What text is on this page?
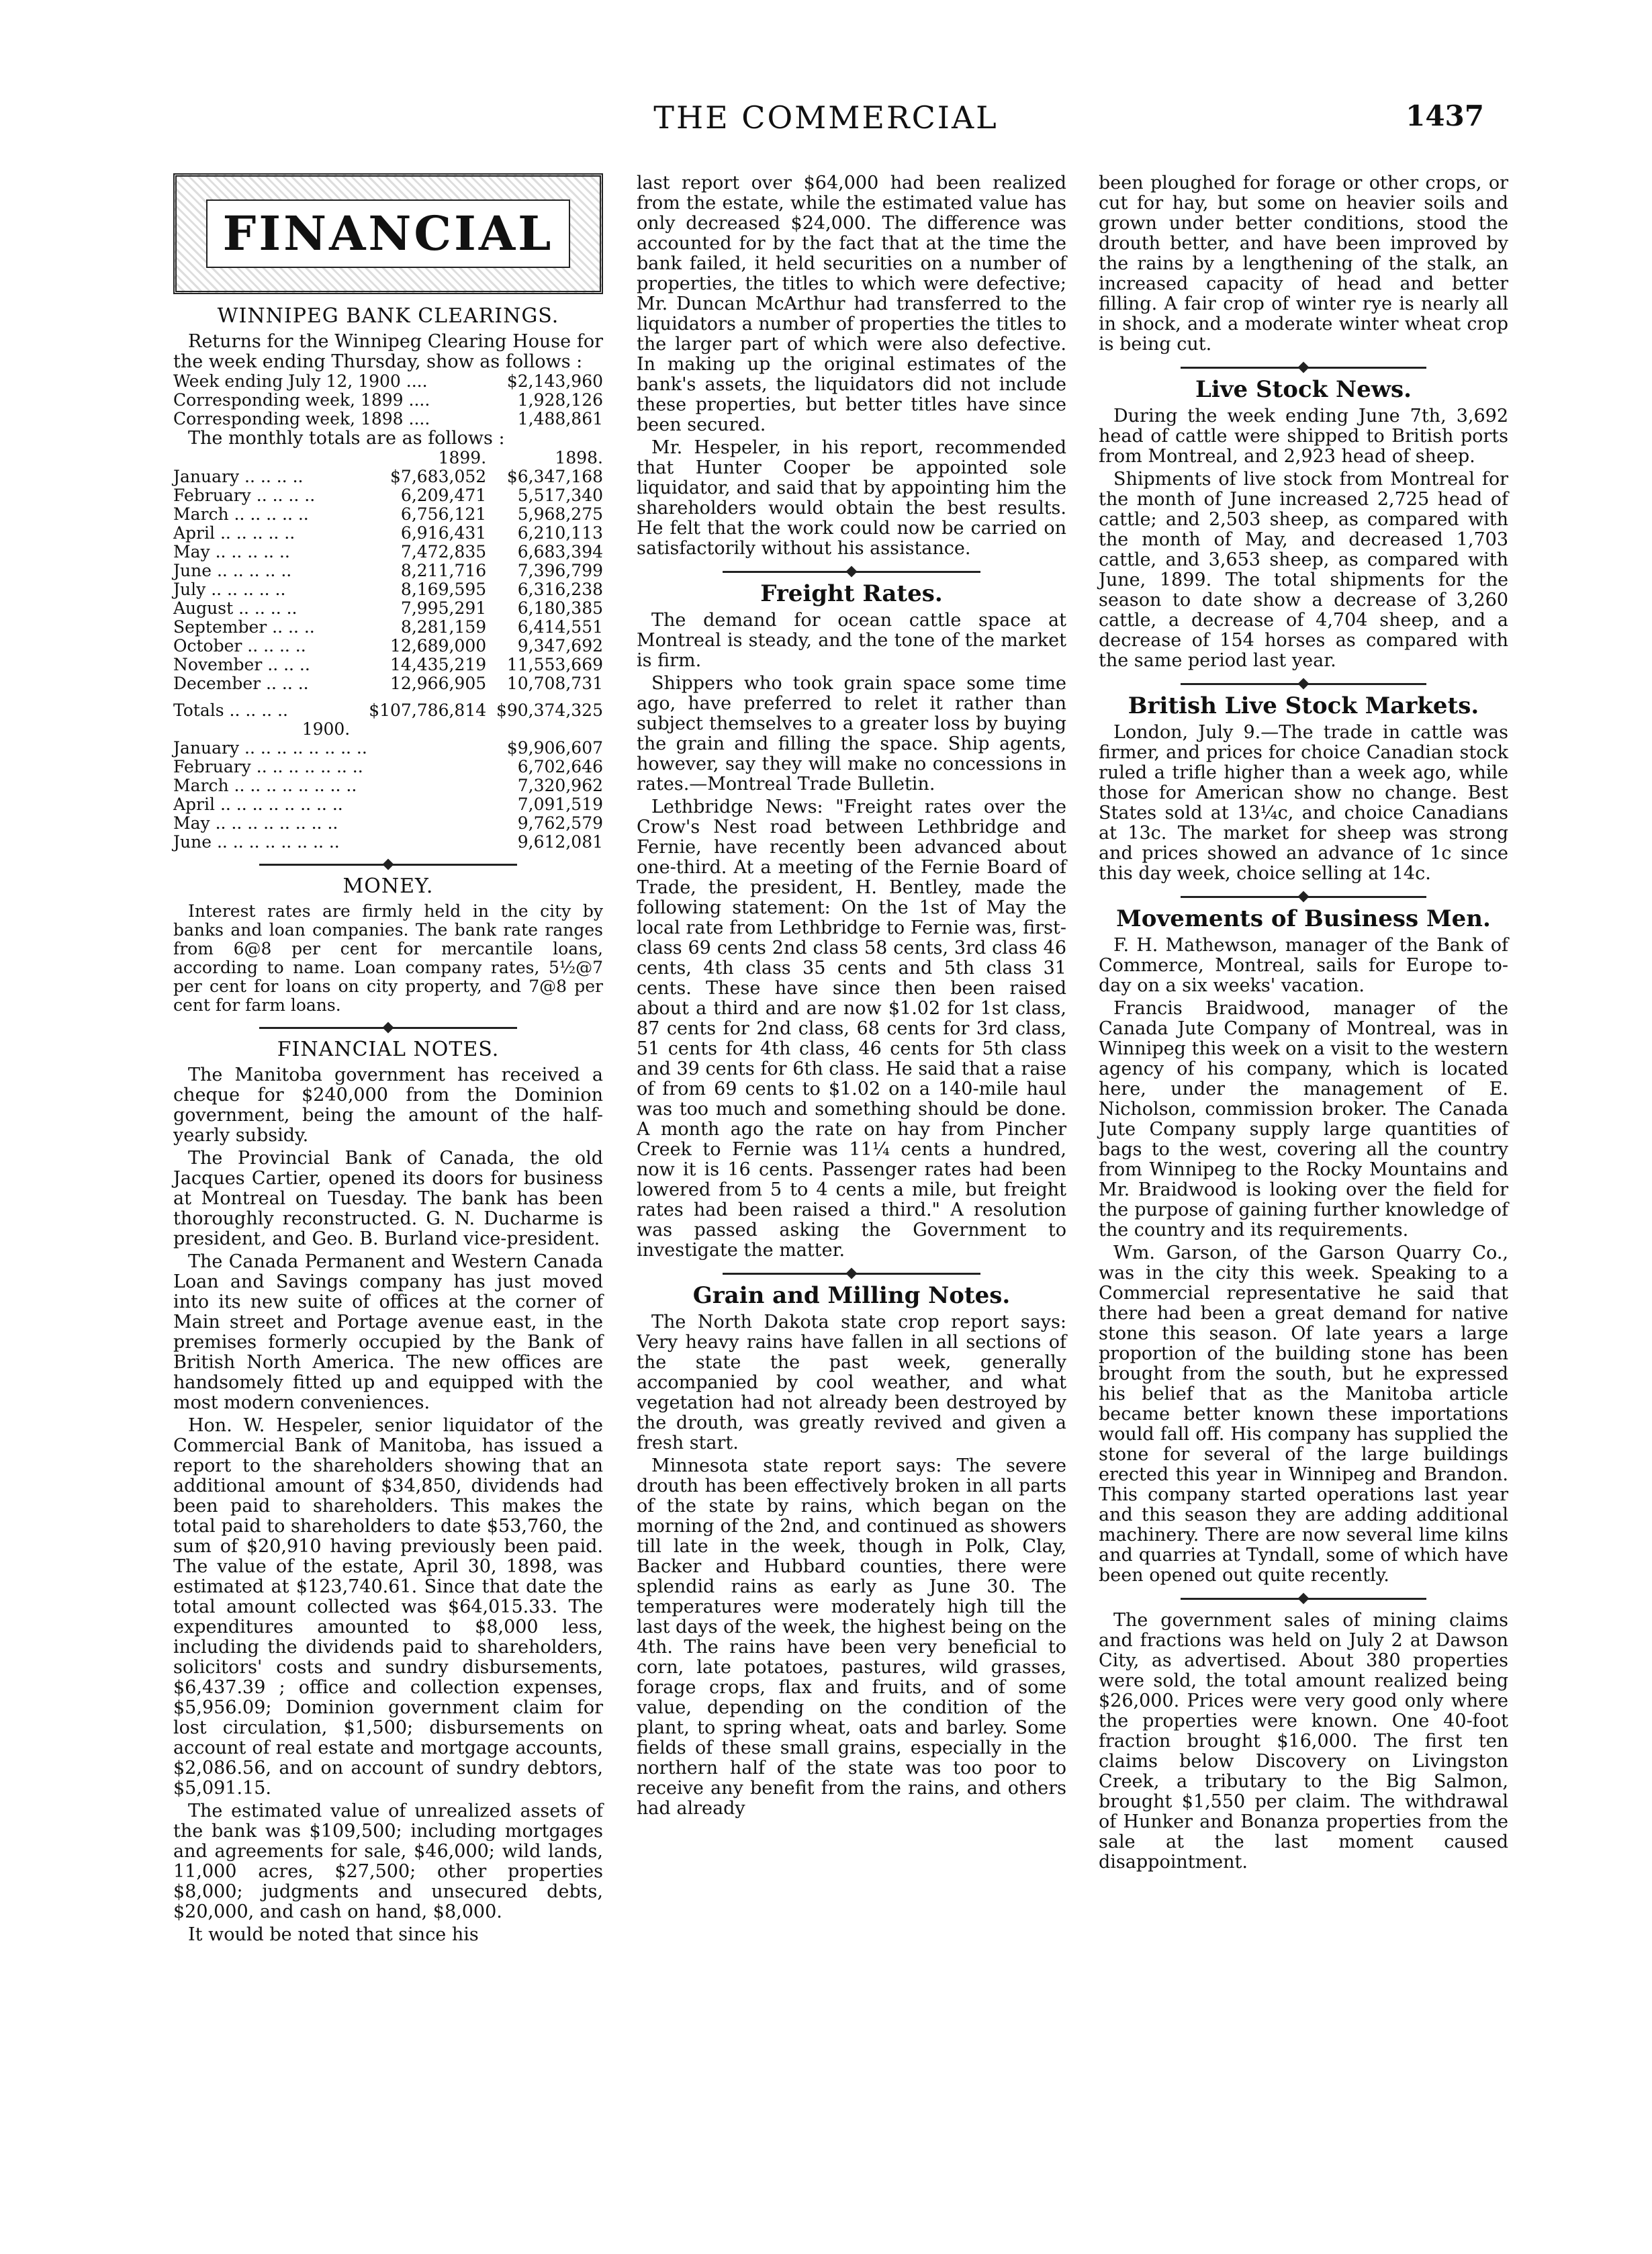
THE COMMERCIAL	1437
FINANCIAL
WINNIPEG BANK CLEARINGS.

Returns for the Winnipeg Clearing House for the week ending Thursday, show as follows :

Week ending July 12, 1900 ....	$2,143,960
Corresponding week, 1899 ....	1,928,126
Corresponding week, 1898 ....	1,488,861

The monthly totals are as follows :

	1899.	1898.
January .. .. .. ..	$7,683,052	$6,347,168
February .. .. .. ..	6,209,471	5,517,340
March .. .. .. .. ..	6,756,121	5,968,275
April .. .. .. .. ..	6,916,431	6,210,113
May .. .. .. .. ..	7,472,835	6,683,394
June .. .. .. .. ..	8,211,716	7,396,799
July .. .. .. .. ..	8,169,595	6,316,238
August .. .. .. ..	7,995,291	6,180,385
September .. .. ..	8,281,159	6,414,551
October .. .. .. ..	12,689,000	9,347,692
November .. .. ..	14,435,219	11,553,669
December .. .. ..	12,966,905	10,708,731
Totals .. .. .. ..	$107,786,814	$90,374,325
1900.		
January .. .. .. .. .. .. .. ..		$9,906,607
February .. .. .. .. .. .. ..		6,702,646
March .. .. .. .. .. .. .. ..		7,320,962
April .. .. .. .. .. .. .. ..		7,091,519
May .. .. .. .. .. .. .. ..		9,762,579
June .. .. .. .. .. .. .. ..		9,612,081
MONEY.

Interest rates are firmly held in the city by banks and loan companies. The bank rate ranges from 6@8 per cent for mercantile loans, according to name. Loan company rates, 5½@7 per cent for loans on city property, and 7@8 per cent for farm loans.

FINANCIAL NOTES.

The Manitoba government has received a cheque for $240,000 from the Dominion government, being the amount of the half-yearly subsidy.

The Provincial Bank of Canada, the old Jacques Cartier, opened its doors for business at Montreal on Tuesday. The bank has been thoroughly reconstructed. G. N. Ducharme is president, and Geo. B. Burland vice-president.

The Canada Permanent and Western Canada Loan and Savings company has just moved into its new suite of offices at the corner of Main street and Portage avenue east, in the premises formerly occupied by the Bank of British North America. The new offices are handsomely fitted up and equipped with the most modern conveniences.

Hon. W. Hespeler, senior liquidator of the Commercial Bank of Manitoba, has issued a report to the shareholders showing that an additional amount of $34,850, dividends had been paid to shareholders. This makes the total paid to shareholders to date $53,760, the sum of $20,910 having previously been paid. The value of the estate, April 30, 1898, was estimated at $123,740.61. Since that date the total amount collected was $64,015.33. The expenditures amounted to $8,000 less, including the dividends paid to shareholders, solicitors' costs and sundry disbursements, $6,437.39 ; office and collection expenses, $5,956.09; Dominion government claim for lost circulation, $1,500; disbursements on account of real estate and mortgage accounts, $2,086.56, and on account of sundry debtors, $5,091.15.

The estimated value of unrealized assets of the bank was $109,500; including mortgages and agreements for sale, $46,000; wild lands, 11,000 acres, $27,500; other properties $8,000; judgments and unsecured debts, $20,000, and cash on hand, $8,000.

It would be noted that since his

last report over $64,000 had been realized from the estate, while the estimated value has only decreased $24,000. The difference was accounted for by the fact that at the time the bank failed, it held securities on a number of properties, the titles to which were defective; Mr. Duncan McArthur had transferred to the liquidators a number of properties the titles to the larger part of which were also defective. In making up the original estimates of the bank's assets, the liquidators did not include these properties, but better titles have since been secured.

Mr. Hespeler, in his report, recommended that Hunter Cooper be appointed sole liquidator, and said that by appointing him the shareholders would obtain the best results. He felt that the work could now be carried on satisfactorily without his assistance.

Freight Rates.

The demand for ocean cattle space at Montreal is steady, and the tone of the market is firm.

Shippers who took grain space some time ago, have preferred to relet it rather than subject themselves to a greater loss by buying the grain and filling the space. Ship agents, however, say they will make no concessions in rates.—Montreal Trade Bulletin.

Lethbridge News: "Freight rates over the Crow's Nest road between Lethbridge and Fernie, have recently been advanced about one-third. At a meeting of the Fernie Board of Trade, the president, H. Bentley, made the following statement: On the 1st of May the local rate from Lethbridge to Fernie was, first-class 69 cents 2nd class 58 cents, 3rd class 46 cents, 4th class 35 cents and 5th class 31 cents. These have since then been raised about a third and are now $1.02 for 1st class, 87 cents for 2nd class, 68 cents for 3rd class, 51 cents for 4th class, 46 cents for 5th class and 39 cents for 6th class. He said that a raise of from 69 cents to $1.02 on a 140-mile haul was too much and something should be done. A month ago the rate on hay from Pincher Creek to Fernie was 11¼ cents a hundred, now it is 16 cents. Passenger rates had been lowered from 5 to 4 cents a mile, but freight rates had been raised a third." A resolution was passed asking the Government to investigate the matter.

Grain and Milling Notes.

The North Dakota state crop report says: Very heavy rains have fallen in all sections of the state the past week, generally accompanied by cool weather, and what vegetation had not already been destroyed by the drouth, was greatly revived and given a fresh start.

Minnesota state report says: The severe drouth has been effectively broken in all parts of the state by rains, which began on the morning of the 2nd, and continued as showers till late in the week, though in Polk, Clay, Backer and Hubbard counties, there were splendid rains as early as June 30. The temperatures were moderately high till the last days of the week, the highest being on the 4th. The rains have been very beneficial to corn, late potatoes, pastures, wild grasses, forage crops, flax and fruits, and of some value, depending on the condition of the plant, to spring wheat, oats and barley. Some fields of these small grains, especially in the northern half of the state was too poor to receive any benefit from the rains, and others had already

been ploughed for forage or other crops, or cut for hay, but some on heavier soils and grown under better conditions, stood the drouth better, and have been improved by the rains by a lengthening of the stalk, an increased capacity of head and better filling. A fair crop of winter rye is nearly all in shock, and a moderate winter wheat crop is being cut.

Live Stock News.

During the week ending June 7th, 3,692 head of cattle were shipped to British ports from Montreal, and 2,923 head of sheep.

Shipments of live stock from Montreal for the month of June increased 2,725 head of cattle; and 2,503 sheep, as compared with the month of May, and decreased 1,703 cattle, and 3,653 sheep, as compared with June, 1899. The total shipments for the season to date show a decrease of 3,260 cattle, a decrease of 4,704 sheep, and a decrease of 154 horses as compared with the same period last year.

British Live Stock Markets.

London, July 9.—The trade in cattle was firmer, and prices for choice Canadian stock ruled a trifle higher than a week ago, while those for American show no change. Best States sold at 13¼c, and choice Canadians at 13c. The market for sheep was strong and prices showed an advance of 1c since this day week, choice selling at 14c.

Movements of Business Men.

F. H. Mathewson, manager of the Bank of Commerce, Montreal, sails for Europe to-day on a six weeks' vacation.

Francis Braidwood, manager of the Canada Jute Company of Montreal, was in Winnipeg this week on a visit to the western agency of his company, which is located here, under the management of E. Nicholson, commission broker. The Canada Jute Company supply large quantities of bags to the west, covering all the country from Winnipeg to the Rocky Mountains and Mr. Braidwood is looking over the field for the purpose of gaining further knowledge of the country and its requirements.

Wm. Garson, of the Garson Quarry Co., was in the city this week. Speaking to a Commercial representative he said that there had been a great demand for native stone this season. Of late years a large proportion of the building stone has been brought from the south, but he expressed his belief that as the Manitoba article became better known these importations would fall off. His company has supplied the stone for several of the large buildings erected this year in Winnipeg and Brandon. This company started operations last year and this season they are adding additional machinery. There are now several lime kilns and quarries at Tyndall, some of which have been opened out quite recently.

The government sales of mining claims and fractions was held on July 2 at Dawson City, as advertised. About 380 properties were sold, the total amount realized being $26,000. Prices were very good only where the properties were known. One 40-foot fraction brought $16,000. The first ten claims below Discovery on Livingston Creek, a tributary to the Big Salmon, brought $1,550 per claim. The withdrawal of Hunker and Bonanza properties from the sale at the last moment caused disappointment.
